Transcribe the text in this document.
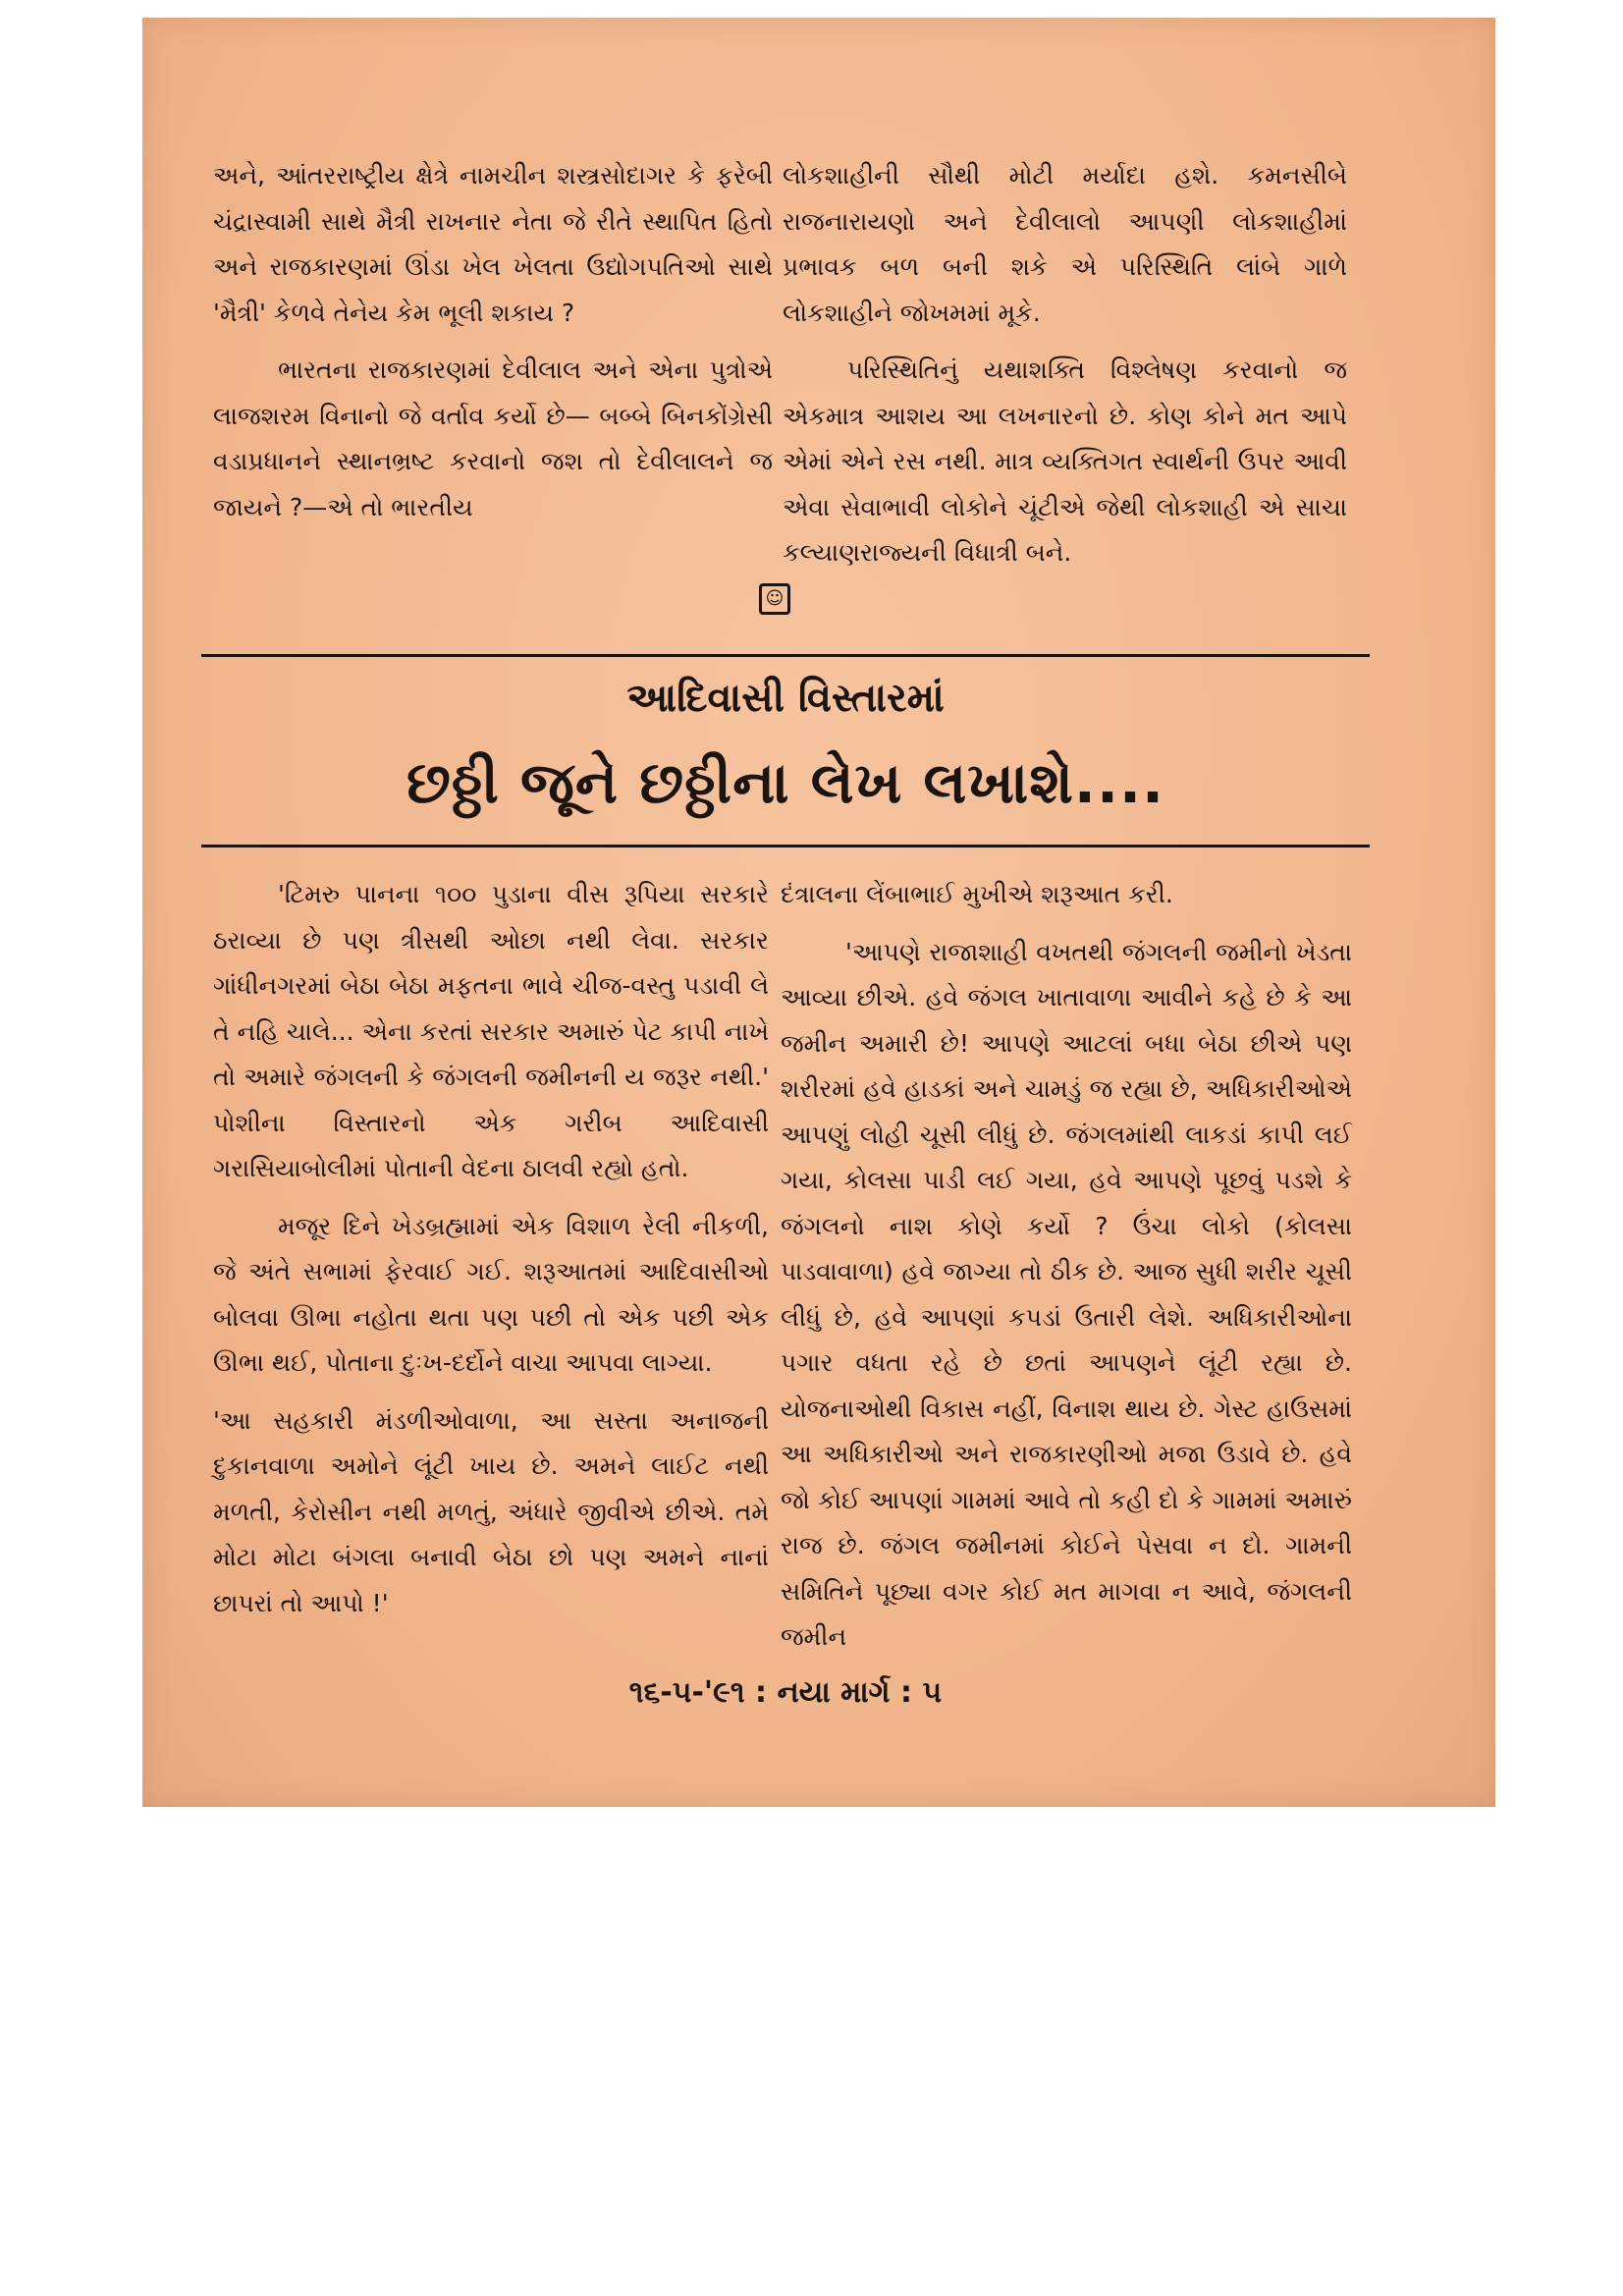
અને, આંતરરાષ્ટ્રીય ક્ષેત્રે નામચીન શસ્ત્રસોદાગર કે ફરેબી ચંદ્રાસ્વામી સાથે મૈત્રી રાખનાર નેતા જે રીતે સ્થાપિત હિતો અને રાજકારણમાં ઊંડા ખેલ ખેલતા ઉદ્યોગપતિઓ સાથે 'મૈત્રી' કેળવે તેનેય કેમ ભૂલી શકાય ?

ભારતના રાજકારણમાં દેવીલાલ અને એના પુત્રોએ લાજશરમ વિનાનો જે વર્તાવ કર્યો છે— બબ્બે બિનકોંગ્રેસી વડાપ્રધાનને સ્થાનભ્રષ્ટ કરવાનો જશ તો દેવીલાલને જ જાયને ?—એ તો ભારતીય

લોકશાહીની સૌથી મોટી મર્યાદા હશે. કમનસીબે રાજનારાયણો અને દેવીલાલો આપણી લોકશાહીમાં પ્રભાવક બળ બની શકે એ પરિસ્થિતિ લાંબે ગાળે લોકશાહીને જોખમમાં મૂકે.

પરિસ્થિતિનું યથાશક્તિ વિશ્લેષણ કરવાનો જ એકમાત્ર આશય આ લખનારનો છે. કોણ કોને મત આપે એમાં એને રસ નથી. માત્ર વ્યક્તિગત સ્વાર્થની ઉપર આવી એવા સેવાભાવી લોકોને ચૂંટીએ જેથી લોકશાહી એ સાચા કલ્યાણરાજ્યની વિધાત્રી બને.

☺
આદિવાસી વિસ્તારમાં
છઠ્ઠી જૂને છઠ્ઠીના લેખ લખાશે....

'ટિમરુ પાનના ૧૦૦ પુડાના વીસ રૂપિયા સરકારે ઠરાવ્યા છે પણ ત્રીસથી ઓછા નથી લેવા. સરકાર ગાંધીનગરમાં બેઠા બેઠા મફતના ભાવે ચીજ-વસ્તુ પડાવી લે તે નહિ ચાલે... એના કરતાં સરકાર અમારું પેટ કાપી નાખે તો અમારે જંગલની કે જંગલની જમીનની ય જરૂર નથી.' પોશીના વિસ્તારનો એક ગરીબ આદિવાસી ગરાસિયાબોલીમાં પોતાની વેદના ઠાલવી રહ્યો હતો.

મજૂર દિને ખેડબ્રહ્મામાં એક વિશાળ રેલી નીકળી, જે અંતે સભામાં ફેરવાઈ ગઈ. શરૂઆતમાં આદિવાસીઓ બોલવા ઊભા નહોતા થતા પણ પછી તો એક પછી એક ઊભા થઈ, પોતાના દુઃખ-દર્દોને વાચા આપવા લાગ્યા.

'આ સહકારી મંડળીઓવાળા, આ સસ્તા અનાજની દુકાનવાળા અમોને લૂંટી ખાય છે. અમને લાઈટ નથી મળતી, કેરોસીન નથી મળતું, અંધારે જીવીએ છીએ. તમે મોટા મોટા બંગલા બનાવી બેઠા છો પણ અમને નાનાં છાપરાં તો આપો !'

દંત્રાલના લેંબાભાઈ મુખીએ શરૂઆત કરી.

'આપણે રાજાશાહી વખતથી જંગલની જમીનો ખેડતા આવ્યા છીએ. હવે જંગલ ખાતાવાળા આવીને કહે છે કે આ જમીન અમારી છે! આપણે આટલાં બધા બેઠા છીએ પણ શરીરમાં હવે હાડકાં અને ચામડું જ રહ્યા છે, અધિકારીઓએ આપણું લોહી ચૂસી લીધું છે. જંગલમાંથી લાકડાં કાપી લઈ ગયા, કોલસા પાડી લઈ ગયા, હવે આપણે પૂછવું પડશે કે જંગલનો નાશ કોણે કર્યો ? ઉંચા લોકો (કોલસા પાડવાવાળા) હવે જાગ્યા તો ઠીક છે. આજ સુધી શરીર ચૂસી લીધું છે, હવે આપણાં કપડાં ઉતારી લેશે. અધિકારીઓના પગાર વધતા રહે છે છતાં આપણને લૂંટી રહ્યા છે. યોજનાઓથી વિકાસ નહીં, વિનાશ થાય છે. ગેસ્ટ હાઉસમાં આ અધિકારીઓ અને રાજકારણીઓ મજા ઉડાવે છે. હવે જો કોઈ આપણાં ગામમાં આવે તો કહી દો કે ગામમાં અમારું રાજ છે. જંગલ જમીનમાં કોઈને પેસવા ન દો. ગામની સમિતિને પૂછ્યા વગર કોઈ મત માગવા ન આવે, જંગલની જમીન

૧૬-૫-'૯૧ : નયા માર્ગ : ૫
